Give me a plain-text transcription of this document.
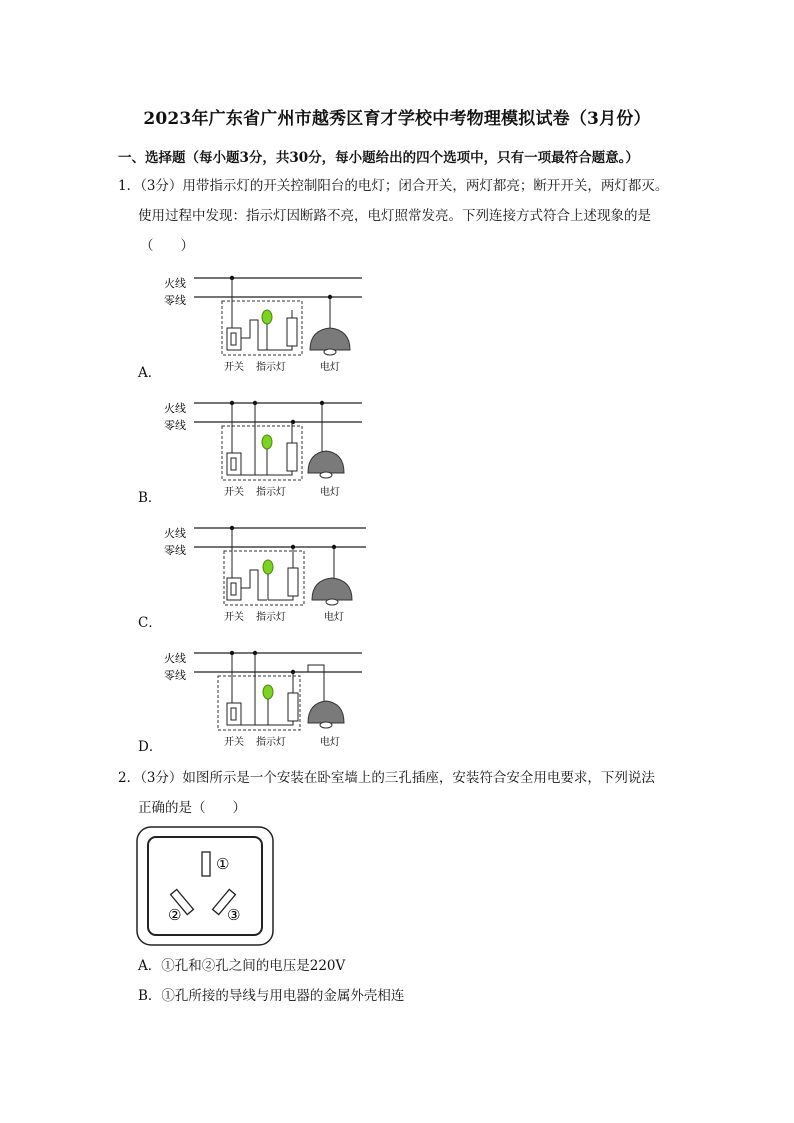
2023年广东省广州市越秀区育才学校中考物理模拟试卷（3月份）
一、选择题（每小题3分，共30分，每小题给出的四个选项中，只有一项最符合题意。）
1．（3分）用带指示灯的开关控制阳台的电灯；闭合开关，两灯都亮；断开开关，两灯都灭。
使用过程中发现：指示灯因断路不亮，电灯照常发亮。下列连接方式符合上述现象的是
（　　）
火线
零线
开关 指示灯	电灯
A．
火线
零线
开关 指示灯	电灯
B．
火线
零线
开关 指示灯	电灯
C．
火线
零线
开关 指示灯	电灯
D．
2．（3分）如图所示是一个安装在卧室墙上的三孔插座，安装符合安全用电要求，下列说法
正确的是（　　）
①
②	③
A．①孔和②孔之间的电压是220V
B．①孔所接的导线与用电器的金属外壳相连
